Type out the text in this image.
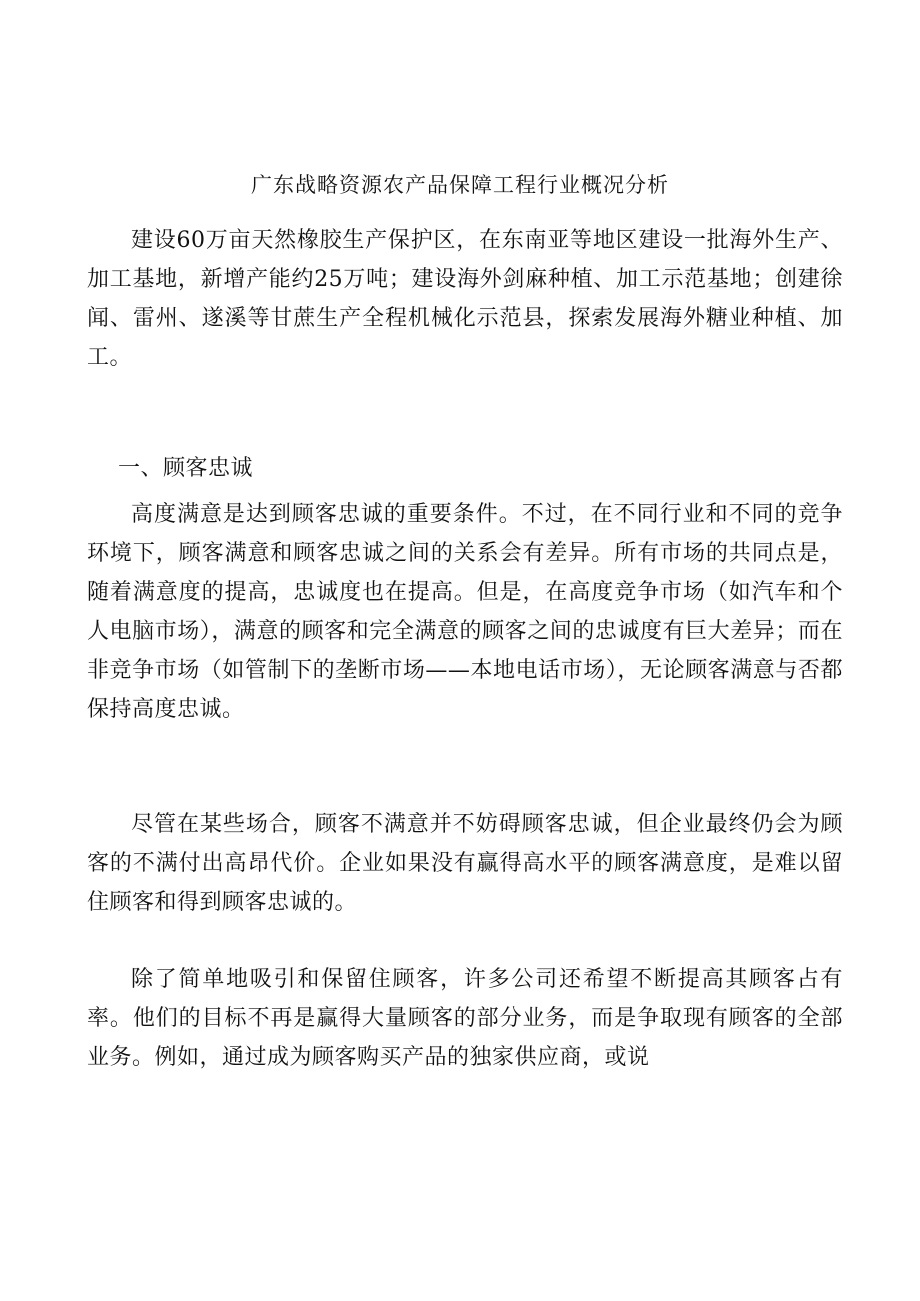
广东战略资源农产品保障工程行业概况分析
建设60万亩天然橡胶生产保护区，在东南亚等地区建设一批海外生产、加工基地，新增产能约25万吨；建设海外剑麻种植、加工示范基地；创建徐闻、雷州、遂溪等甘蔗生产全程机械化示范县，探索发展海外糖业种植、加工。
一、顾客忠诚
高度满意是达到顾客忠诚的重要条件。不过，在不同行业和不同的竞争环境下，顾客满意和顾客忠诚之间的关系会有差异。所有市场的共同点是，随着满意度的提高，忠诚度也在提高。但是，在高度竞争市场（如汽车和个人电脑市场），满意的顾客和完全满意的顾客之间的忠诚度有巨大差异；而在非竞争市场（如管制下的垄断市场——本地电话市场），无论顾客满意与否都保持高度忠诚。
尽管在某些场合，顾客不满意并不妨碍顾客忠诚，但企业最终仍会为顾客的不满付出高昂代价。企业如果没有赢得高水平的顾客满意度，是难以留住顾客和得到顾客忠诚的。
除了简单地吸引和保留住顾客，许多公司还希望不断提高其顾客占有率。他们的目标不再是赢得大量顾客的部分业务，而是争取现有顾客的全部业务。例如，通过成为顾客购买产品的独家供应商，或说
